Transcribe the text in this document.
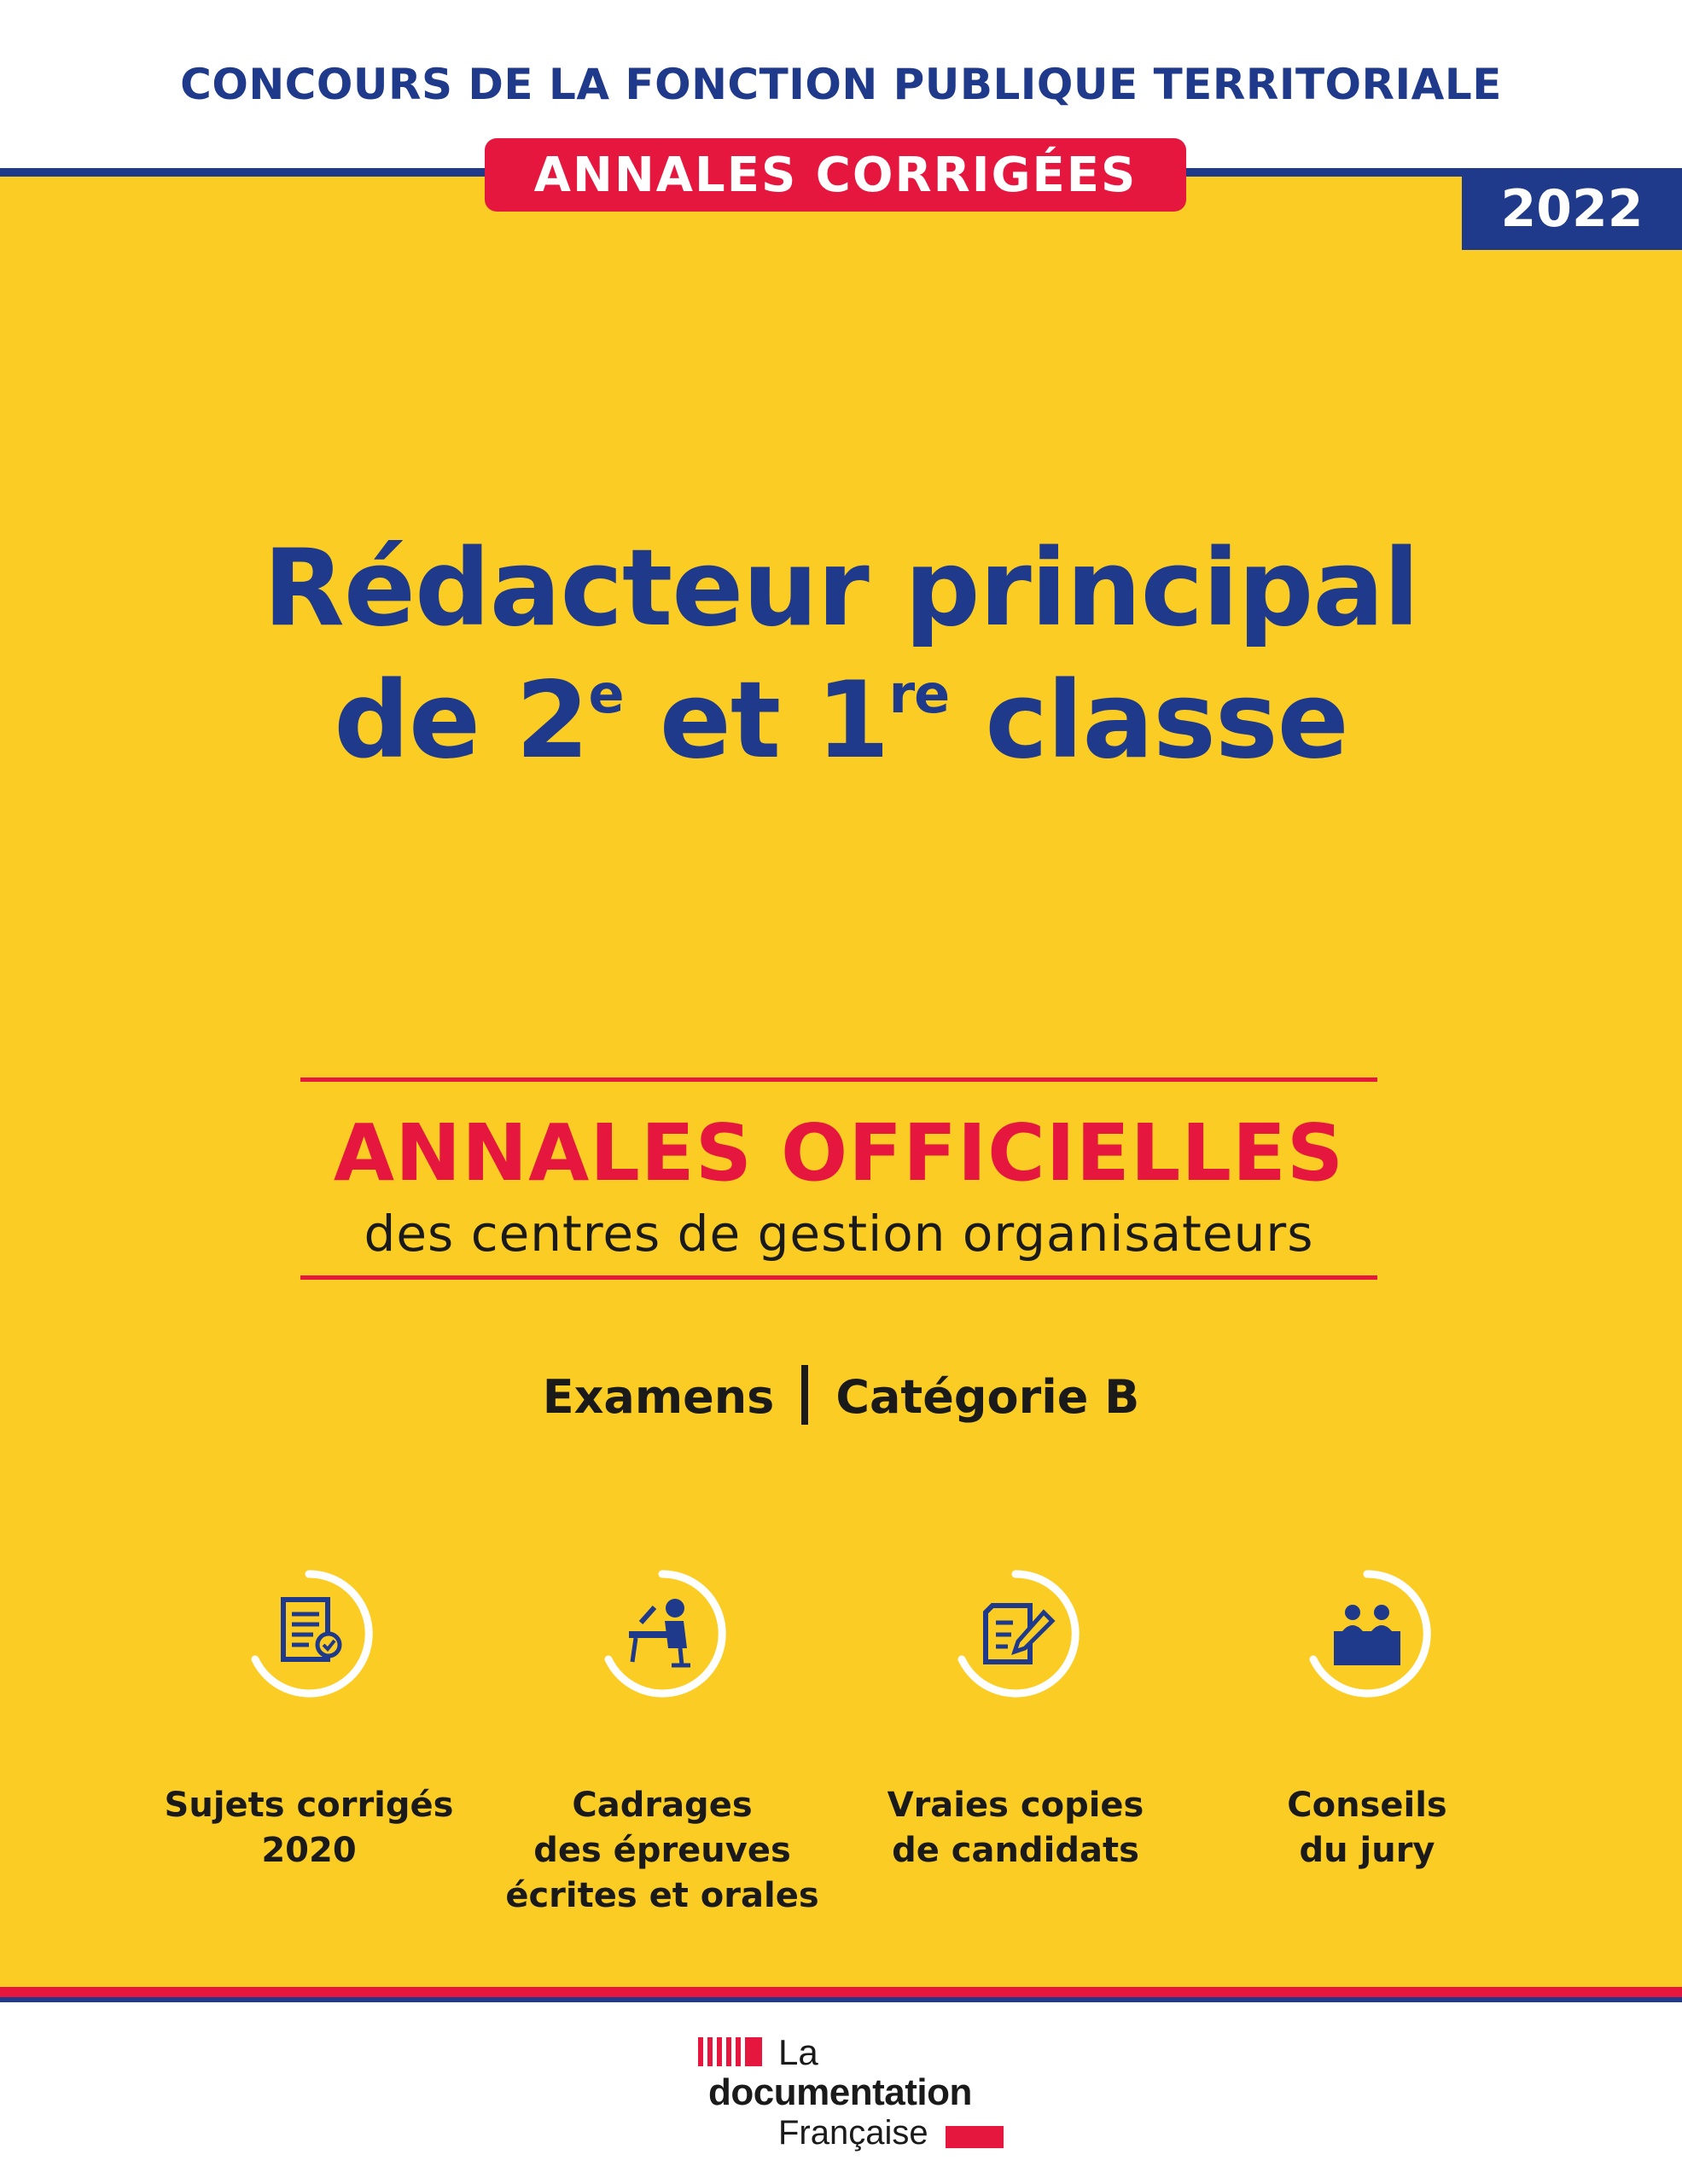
CONCOURS DE LA FONCTION PUBLIQUE TERRITORIALE
ANNALES CORRIGÉES
2022
Rédacteur principal
de 2e et 1re classe
ANNALES OFFICIELLES
des centres de gestion organisateurs
Examens Catégorie B
Sujets corrigés
2020
Cadrages
des épreuves
écrites et orales
Vraies copies
de candidats
Conseils
du jury
La
documentation
Française
